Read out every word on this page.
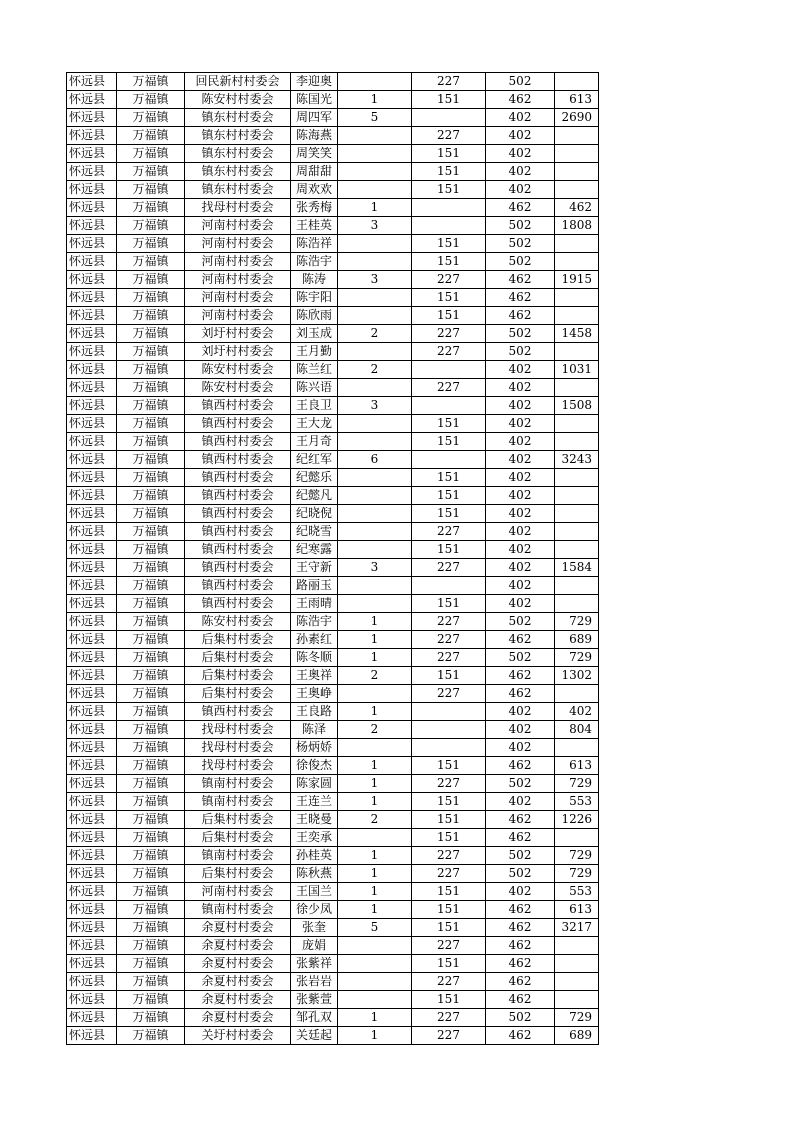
怀远县	万福镇	回民新村村委会	李迎奥		227	502	
怀远县	万福镇	陈安村村委会	陈国光	1	151	462	613
怀远县	万福镇	镇东村村委会	周四军	5		402	2690
怀远县	万福镇	镇东村村委会	陈海燕		227	402	
怀远县	万福镇	镇东村村委会	周笑笑		151	402	
怀远县	万福镇	镇东村村委会	周甜甜		151	402	
怀远县	万福镇	镇东村村委会	周欢欢		151	402	
怀远县	万福镇	找母村村委会	张秀梅	1		462	462
怀远县	万福镇	河南村村委会	王桂英	3		502	1808
怀远县	万福镇	河南村村委会	陈浩祥		151	502	
怀远县	万福镇	河南村村委会	陈浩宇		151	502	
怀远县	万福镇	河南村村委会	陈涛	3	227	462	1915
怀远县	万福镇	河南村村委会	陈宇阳		151	462	
怀远县	万福镇	河南村村委会	陈欣雨		151	462	
怀远县	万福镇	刘圩村村委会	刘玉成	2	227	502	1458
怀远县	万福镇	刘圩村村委会	王月勤		227	502	
怀远县	万福镇	陈安村村委会	陈兰红	2		402	1031
怀远县	万福镇	陈安村村委会	陈兴语		227	402	
怀远县	万福镇	镇西村村委会	王良卫	3		402	1508
怀远县	万福镇	镇西村村委会	王大龙		151	402	
怀远县	万福镇	镇西村村委会	王月奇		151	402	
怀远县	万福镇	镇西村村委会	纪红军	6		402	3243
怀远县	万福镇	镇西村村委会	纪懿乐		151	402	
怀远县	万福镇	镇西村村委会	纪懿凡		151	402	
怀远县	万福镇	镇西村村委会	纪晓倪		151	402	
怀远县	万福镇	镇西村村委会	纪晓雪		227	402	
怀远县	万福镇	镇西村村委会	纪寒露		151	402	
怀远县	万福镇	镇西村村委会	王守新	3	227	402	1584
怀远县	万福镇	镇西村村委会	路丽玉			402	
怀远县	万福镇	镇西村村委会	王雨晴		151	402	
怀远县	万福镇	陈安村村委会	陈浩宇	1	227	502	729
怀远县	万福镇	后集村村委会	孙素红	1	227	462	689
怀远县	万福镇	后集村村委会	陈冬顺	1	227	502	729
怀远县	万福镇	后集村村委会	王奥祥	2	151	462	1302
怀远县	万福镇	后集村村委会	王奥峥		227	462	
怀远县	万福镇	镇西村村委会	王良路	1		402	402
怀远县	万福镇	找母村村委会	陈泽	2		402	804
怀远县	万福镇	找母村村委会	杨炳娇			402	
怀远县	万福镇	找母村村委会	徐俊杰	1	151	462	613
怀远县	万福镇	镇南村村委会	陈家圆	1	227	502	729
怀远县	万福镇	镇南村村委会	王连兰	1	151	402	553
怀远县	万福镇	后集村村委会	王晓曼	2	151	462	1226
怀远县	万福镇	后集村村委会	王奕承		151	462	
怀远县	万福镇	镇南村村委会	孙桂英	1	227	502	729
怀远县	万福镇	后集村村委会	陈秋燕	1	227	502	729
怀远县	万福镇	河南村村委会	王国兰	1	151	402	553
怀远县	万福镇	镇南村村委会	徐少凤	1	151	462	613
怀远县	万福镇	余夏村村委会	张奎	5	151	462	3217
怀远县	万福镇	余夏村村委会	庞娟		227	462	
怀远县	万福镇	余夏村村委会	张紫祥		151	462	
怀远县	万福镇	余夏村村委会	张岩岩		227	462	
怀远县	万福镇	余夏村村委会	张紫萱		151	462	
怀远县	万福镇	余夏村村委会	邹孔双	1	227	502	729
怀远县	万福镇	关圩村村委会	关廷起	1	227	462	689
